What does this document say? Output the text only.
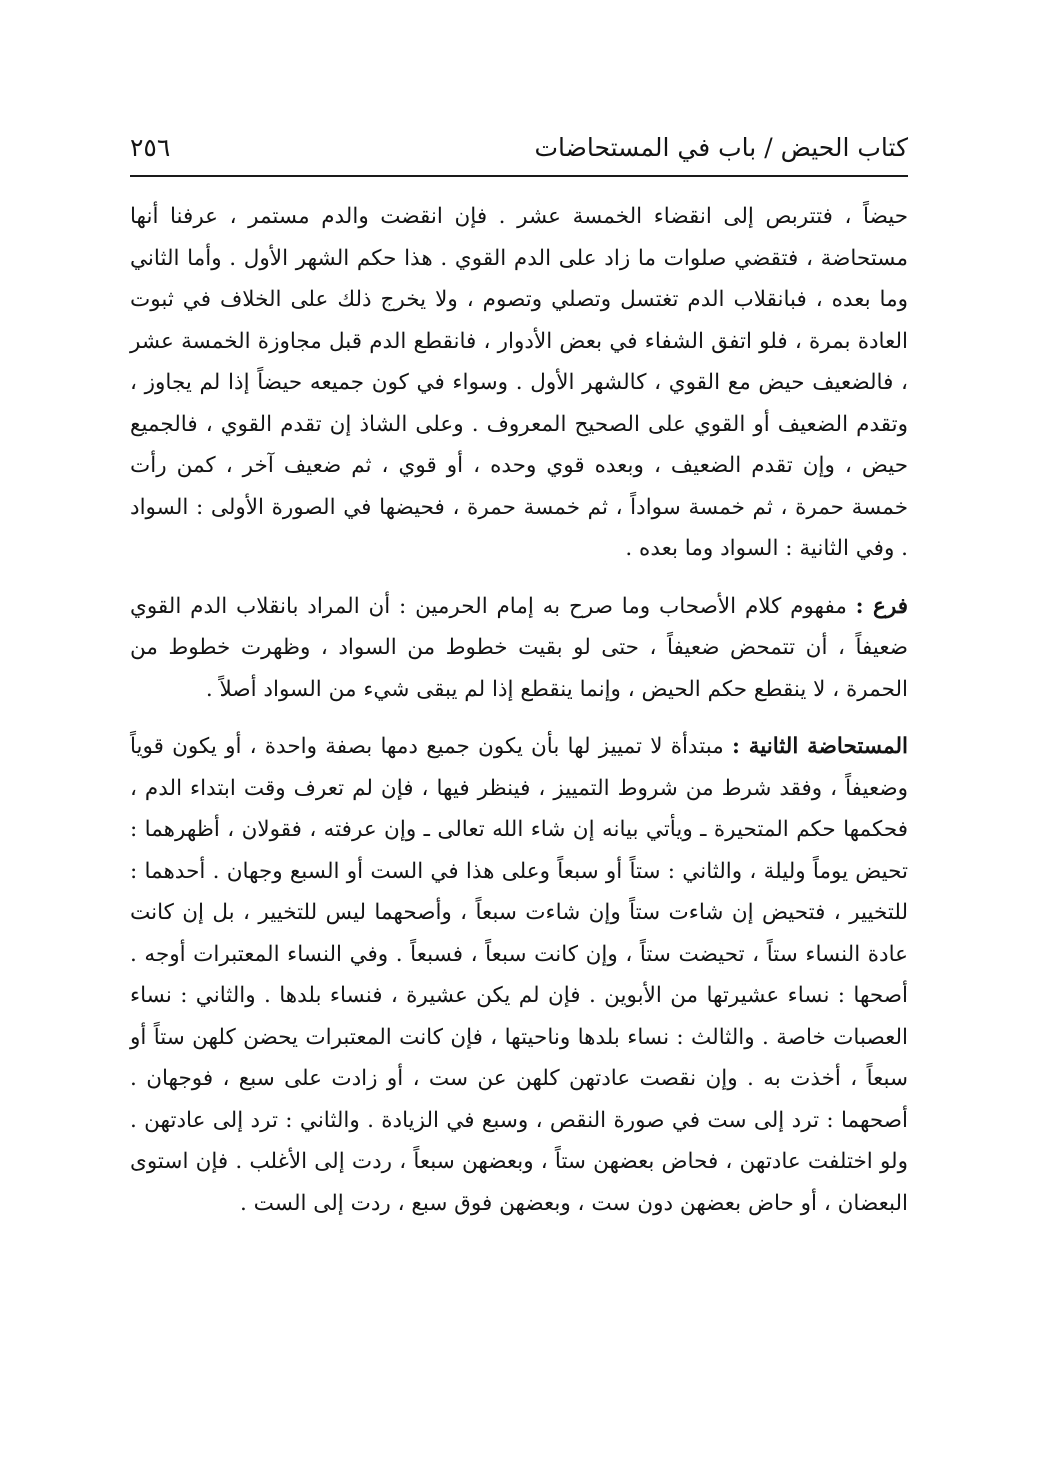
كتاب الحيض / باب في المستحاضات
٢٥٦

حيضاً ، فتتربص إلى انقضاء الخمسة عشر . فإن انقضت والدم مستمر ، عرفنا أنها مستحاضة ، فتقضي صلوات ما زاد على الدم القوي . هذا حكم الشهر الأول . وأما الثاني وما بعده ، فبانقلاب الدم تغتسل وتصلي وتصوم ، ولا يخرج ذلك على الخلاف في ثبوت العادة بمرة ، فلو اتفق الشفاء في بعض الأدوار ، فانقطع الدم قبل مجاوزة الخمسة عشر ، فالضعيف حيض مع القوي ، كالشهر الأول . وسواء في كون جميعه حيضاً إذا لم يجاوز ، وتقدم الضعيف أو القوي على الصحيح المعروف . وعلى الشاذ إن تقدم القوي ، فالجميع حيض ، وإن تقدم الضعيف ، وبعده قوي وحده ، أو قوي ، ثم ضعيف آخر ، كمن رأت خمسة حمرة ، ثم خمسة سواداً ، ثم خمسة حمرة ، فحيضها في الصورة الأولى : السواد . وفي الثانية : السواد وما بعده .

فرع : مفهوم كلام الأصحاب وما صرح به إمام الحرمين : أن المراد بانقلاب الدم القوي ضعيفاً ، أن تتمحض ضعيفاً ، حتى لو بقيت خطوط من السواد ، وظهرت خطوط من الحمرة ، لا ينقطع حكم الحيض ، وإنما ينقطع إذا لم يبقى شيء من السواد أصلاً .

المستحاضة الثانية : مبتدأة لا تمييز لها بأن يكون جميع دمها بصفة واحدة ، أو يكون قوياً وضعيفاً ، وفقد شرط من شروط التمييز ، فينظر فيها ، فإن لم تعرف وقت ابتداء الدم ، فحكمها حكم المتحيرة ـ ويأتي بيانه إن شاء الله تعالى ـ وإن عرفته ، فقولان ، أظهرهما : تحيض يوماً وليلة ، والثاني : ستاً أو سبعاً وعلى هذا في الست أو السبع وجهان . أحدهما : للتخيير ، فتحيض إن شاءت ستاً وإن شاءت سبعاً ، وأصحهما ليس للتخيير ، بل إن كانت عادة النساء ستاً ، تحيضت ستاً ، وإن كانت سبعاً ، فسبعاً . وفي النساء المعتبرات أوجه . أصحها : نساء عشيرتها من الأبوين . فإن لم يكن عشيرة ، فنساء بلدها . والثاني : نساء العصبات خاصة . والثالث : نساء بلدها وناحيتها ، فإن كانت المعتبرات يحضن كلهن ستاً أو سبعاً ، أخذت به . وإن نقصت عادتهن كلهن عن ست ، أو زادت على سبع ، فوجهان . أصحهما : ترد إلى ست في صورة النقص ، وسبع في الزيادة . والثاني : ترد إلى عادتهن . ولو اختلفت عادتهن ، فحاض بعضهن ستاً ، وبعضهن سبعاً ، ردت إلى الأغلب . فإن استوى البعضان ، أو حاض بعضهن دون ست ، وبعضهن فوق سبع ، ردت إلى الست .
